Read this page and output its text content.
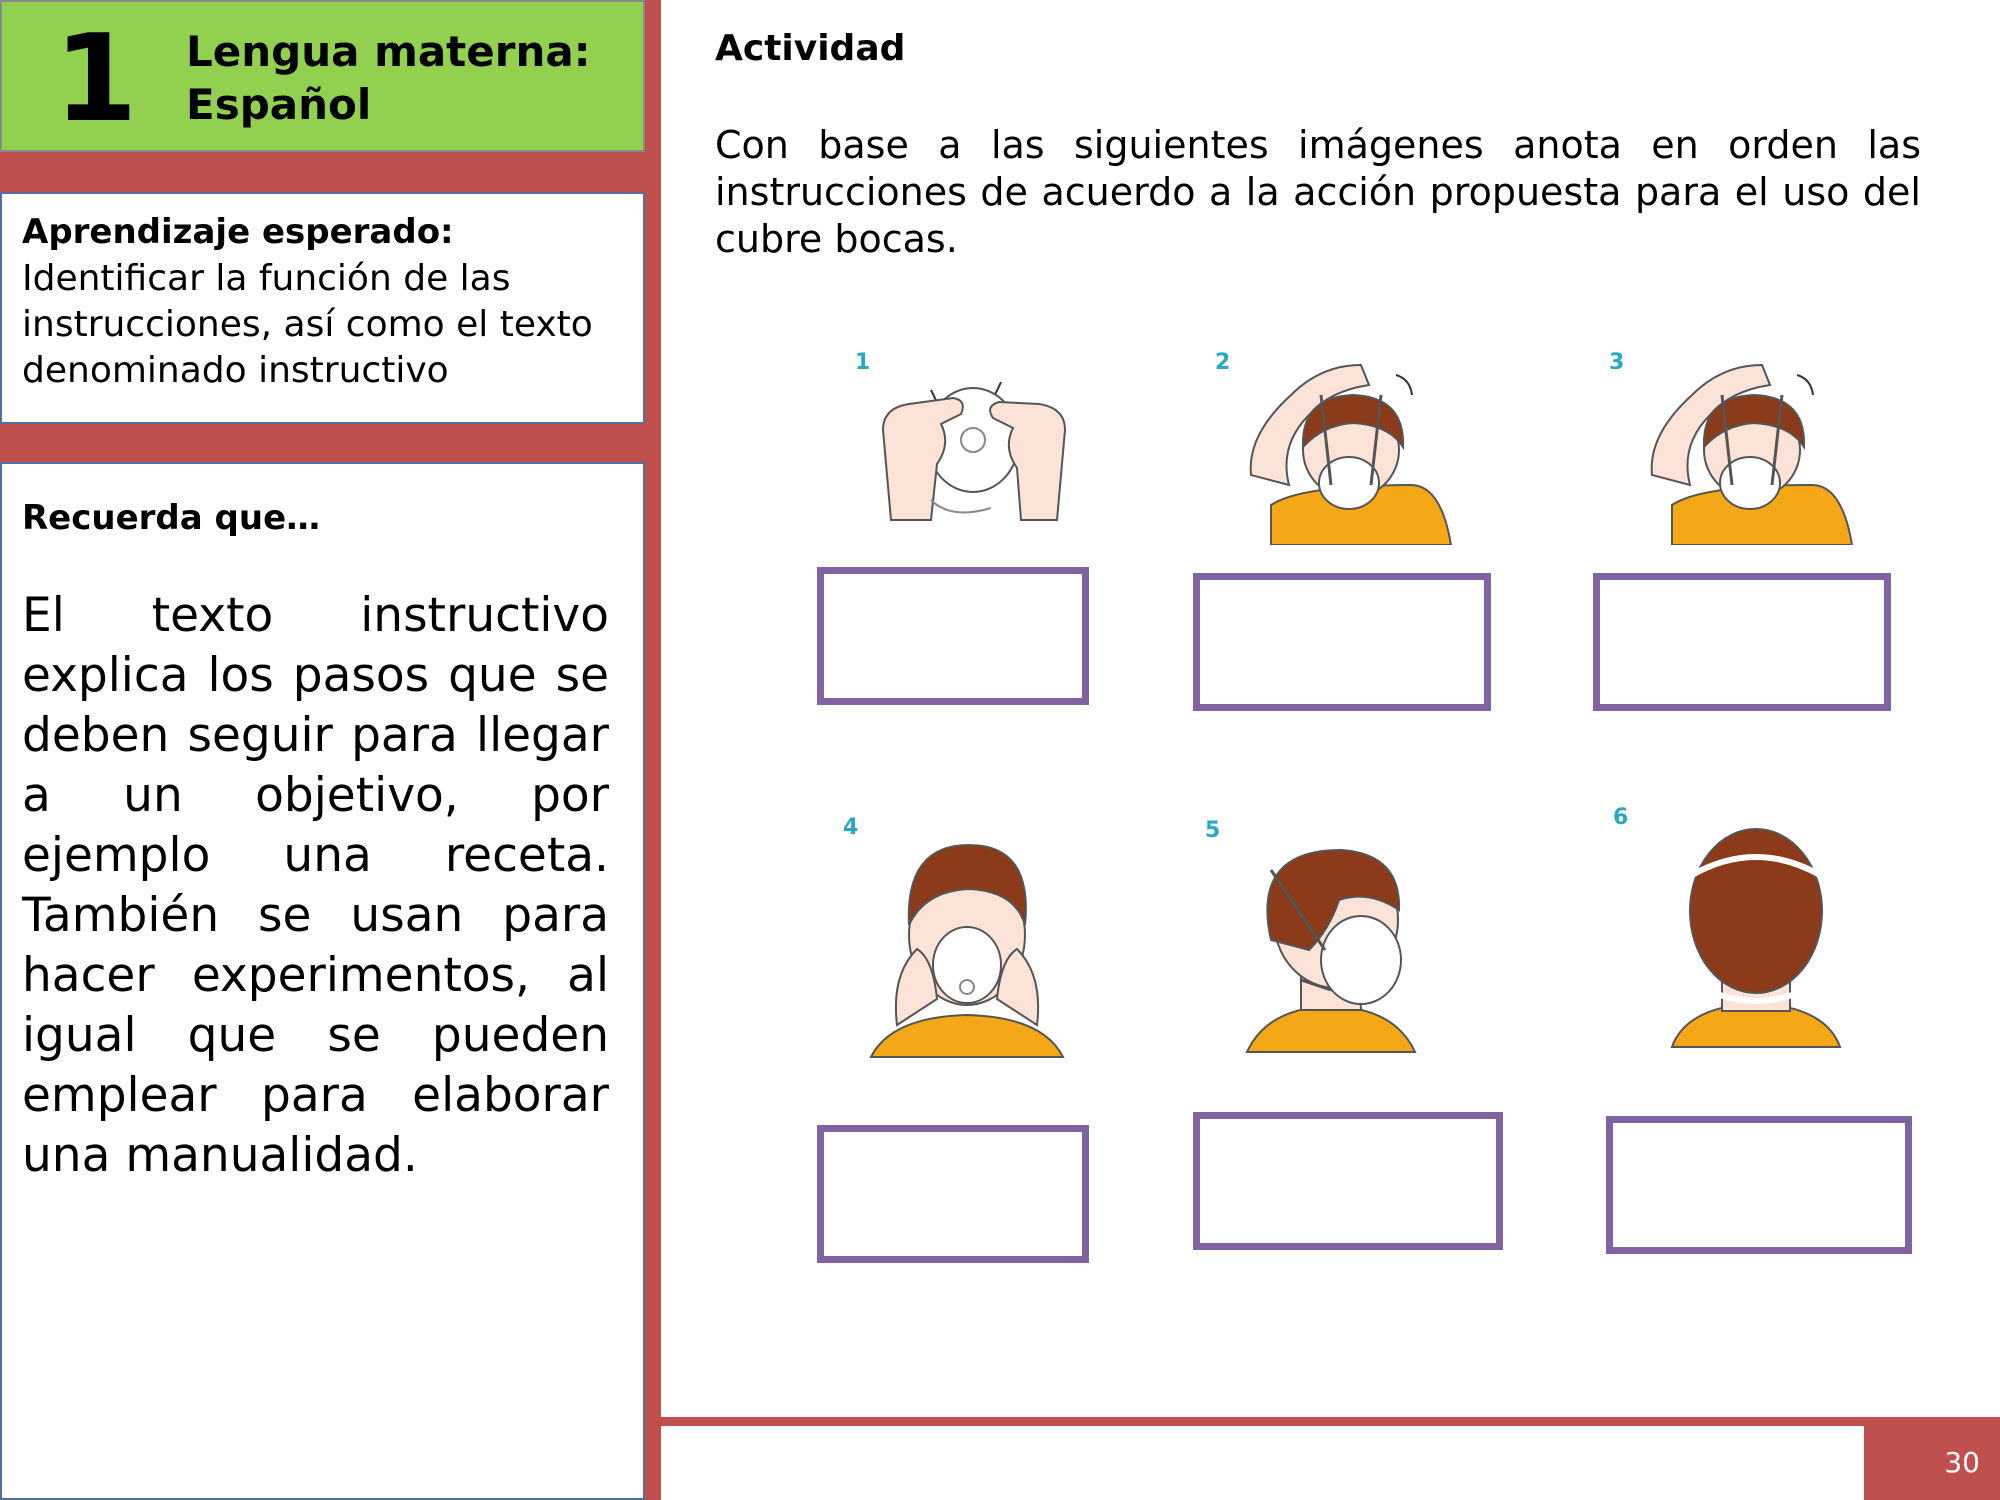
1 Lengua materna: Español
Aprendizaje esperado:
Identificar la función de las instrucciones, así como el texto denominado instructivo
Recuerda que…
El texto instructivo explica los pasos que se deben seguir para llegar a un objetivo, por ejemplo una receta. También se usan para hacer experimentos, al igual que se pueden emplear para elaborar una manualidad.
Actividad
Con base a las siguientes imágenes anota en orden las instrucciones de acuerdo a la acción propuesta para el uso del cubre bocas.
1	2	3
4	5
6
30
